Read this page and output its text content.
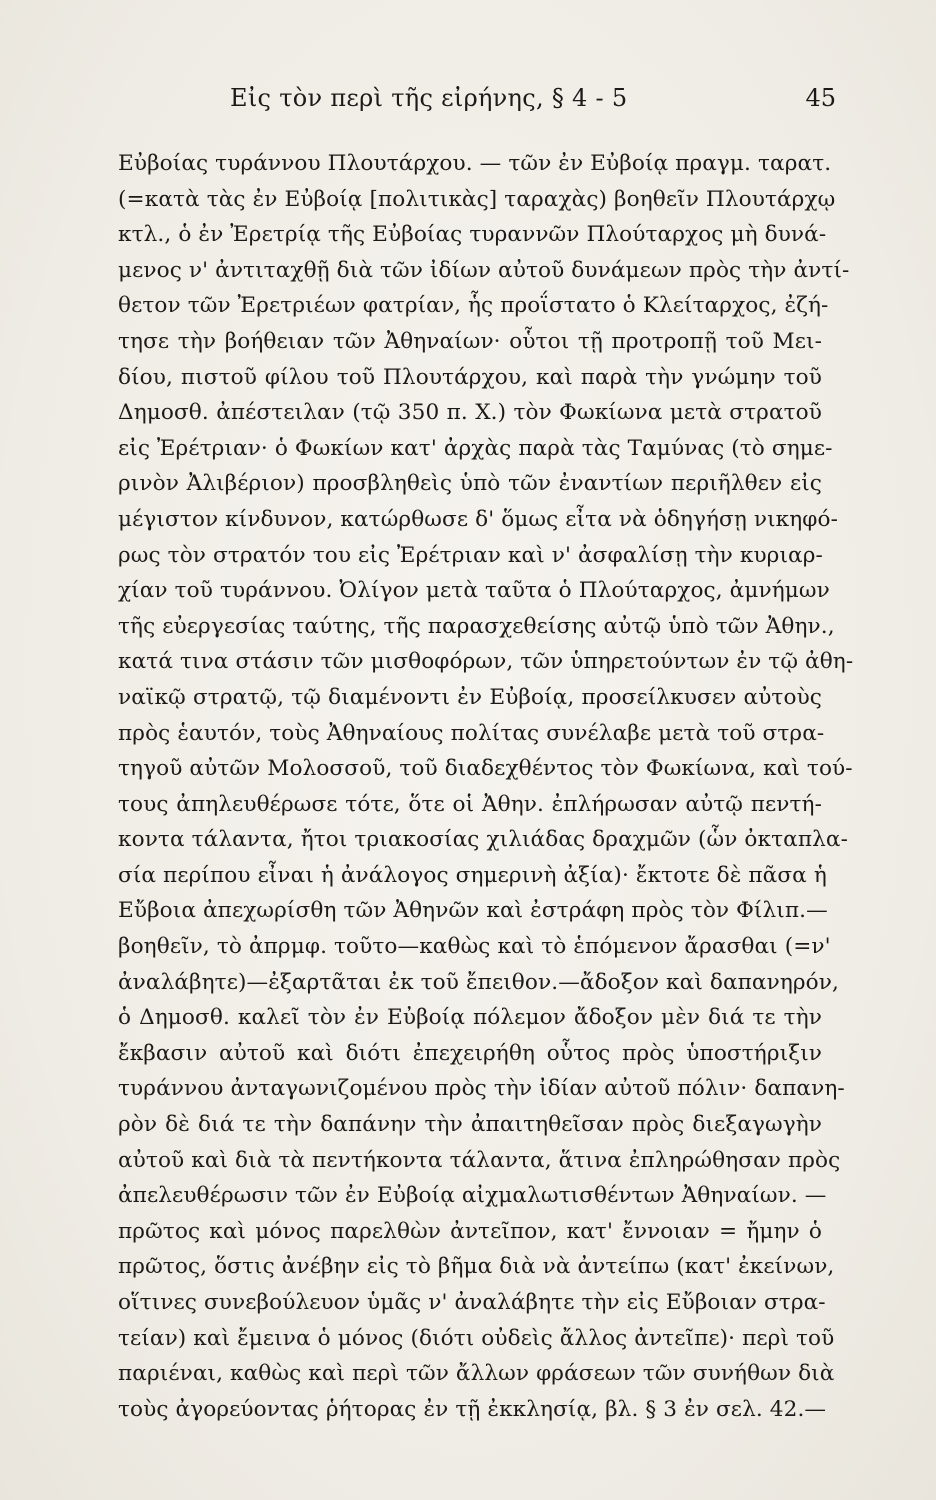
Εἰς τὸν περὶ τῆς εἰρήνης, § 4 - 5	45
Εὐβοίας τυράννου Πλουτάρχου. — τῶν ἐν Εὐβοίᾳ πραγμ. ταρατ.
(=κατὰ τὰς ἐν Εὐβοίᾳ [πολιτικὰς] ταραχὰς) βοηθεῖν Πλουτάρχῳ
κτλ., ὁ ἐν Ἐρετρίᾳ τῆς Εὐβοίας τυραννῶν Πλούταρχος μὴ δυνά-
μενος ν' ἀντιταχθῇ διὰ τῶν ἰδίων αὐτοῦ δυνάμεων πρὸς τὴν ἀντί-
θετον τῶν Ἐρετριέων φατρίαν, ἧς προΐστατο ὁ Κλείταρχος, ἐζή-
τησε τὴν βοήθειαν τῶν Ἀθηναίων· οὗτοι τῇ προτροπῇ τοῦ Μει-
δίου, πιστοῦ φίλου τοῦ Πλουτάρχου, καὶ παρὰ τὴν γνώμην τοῦ
Δημοσθ. ἀπέστειλαν (τῷ 350 π. Χ.) τὸν Φωκίωνα μετὰ στρατοῦ
εἰς Ἐρέτριαν· ὁ Φωκίων κατ' ἀρχὰς παρὰ τὰς Ταμύνας (τὸ σημε-
ρινὸν Ἀλιβέριον) προσβληθεὶς ὑπὸ τῶν ἐναντίων περιῆλθεν εἰς
μέγιστον κίνδυνον, κατώρθωσε δ' ὅμως εἶτα νὰ ὁδηγήσῃ νικηφό-
ρως τὸν στρατόν του εἰς Ἐρέτριαν καὶ ν' ἀσφαλίσῃ τὴν κυριαρ-
χίαν τοῦ τυράννου. Ὀλίγον μετὰ ταῦτα ὁ Πλούταρχος, ἀμνήμων
τῆς εὐεργεσίας ταύτης, τῆς παρασχεθείσης αὐτῷ ὑπὸ τῶν Ἀθην.,
κατά τινα στάσιν τῶν μισθοφόρων, τῶν ὑπηρετούντων ἐν τῷ ἀθη-
ναϊκῷ στρατῷ, τῷ διαμένοντι ἐν Εὐβοίᾳ, προσείλκυσεν αὐτοὺς
πρὸς ἑαυτόν, τοὺς Ἀθηναίους πολίτας συνέλαβε μετὰ τοῦ στρα-
τηγοῦ αὐτῶν Μολοσσοῦ, τοῦ διαδεχθέντος τὸν Φωκίωνα, καὶ τού-
τους ἀπηλευθέρωσε τότε, ὅτε οἱ Ἀθην. ἐπλήρωσαν αὐτῷ πεντή-
κοντα τάλαντα, ἤτοι τριακοσίας χιλιάδας δραχμῶν (ὧν ὀκταπλα-
σία περίπου εἶναι ἡ ἀνάλογος σημερινὴ ἀξία)· ἔκτοτε δὲ πᾶσα ἡ
Εὔβοια ἀπεχωρίσθη τῶν Ἀθηνῶν καὶ ἐστράφη πρὸς τὸν Φίλιπ.—
βοηθεῖν, τὸ ἀπρμφ. τοῦτο—καθὼς καὶ τὸ ἑπόμενον ἄρασθαι (=ν'
ἀναλάβητε)—ἐξαρτᾶται ἐκ τοῦ ἔπειθον.—ἄδοξον καὶ δαπανηρόν,
ὁ Δημοσθ. καλεῖ τὸν ἐν Εὐβοίᾳ πόλεμον ἄδοξον μὲν διά τε τὴν
ἔκβασιν αὐτοῦ καὶ διότι ἐπεχειρήθη οὗτος πρὸς ὑποστήριξιν
τυράννου ἀνταγωνιζομένου πρὸς τὴν ἰδίαν αὐτοῦ πόλιν· δαπανη-
ρὸν δὲ διά τε τὴν δαπάνην τὴν ἀπαιτηθεῖσαν πρὸς διεξαγωγὴν
αὐτοῦ καὶ διὰ τὰ πεντήκοντα τάλαντα, ἅτινα ἐπληρώθησαν πρὸς
ἀπελευθέρωσιν τῶν ἐν Εὐβοίᾳ αἰχμαλωτισθέντων Ἀθηναίων. —
πρῶτος καὶ μόνος παρελθὼν ἀντεῖπον, κατ' ἔννοιαν = ἤμην ὁ
πρῶτος, ὅστις ἀνέβην εἰς τὸ βῆμα διὰ νὰ ἀντείπω (κατ' ἐκείνων,
οἵτινες συνεβούλευον ὑμᾶς ν' ἀναλάβητε τὴν εἰς Εὔβοιαν στρα-
τείαν) καὶ ἔμεινα ὁ μόνος (διότι οὐδεὶς ἄλλος ἀντεῖπε)· περὶ τοῦ
παριέναι, καθὼς καὶ περὶ τῶν ἄλλων φράσεων τῶν συνήθων διὰ
τοὺς ἀγορεύοντας ῥήτορας ἐν τῇ ἐκκλησίᾳ, βλ. § 3 ἐν σελ. 42.—
